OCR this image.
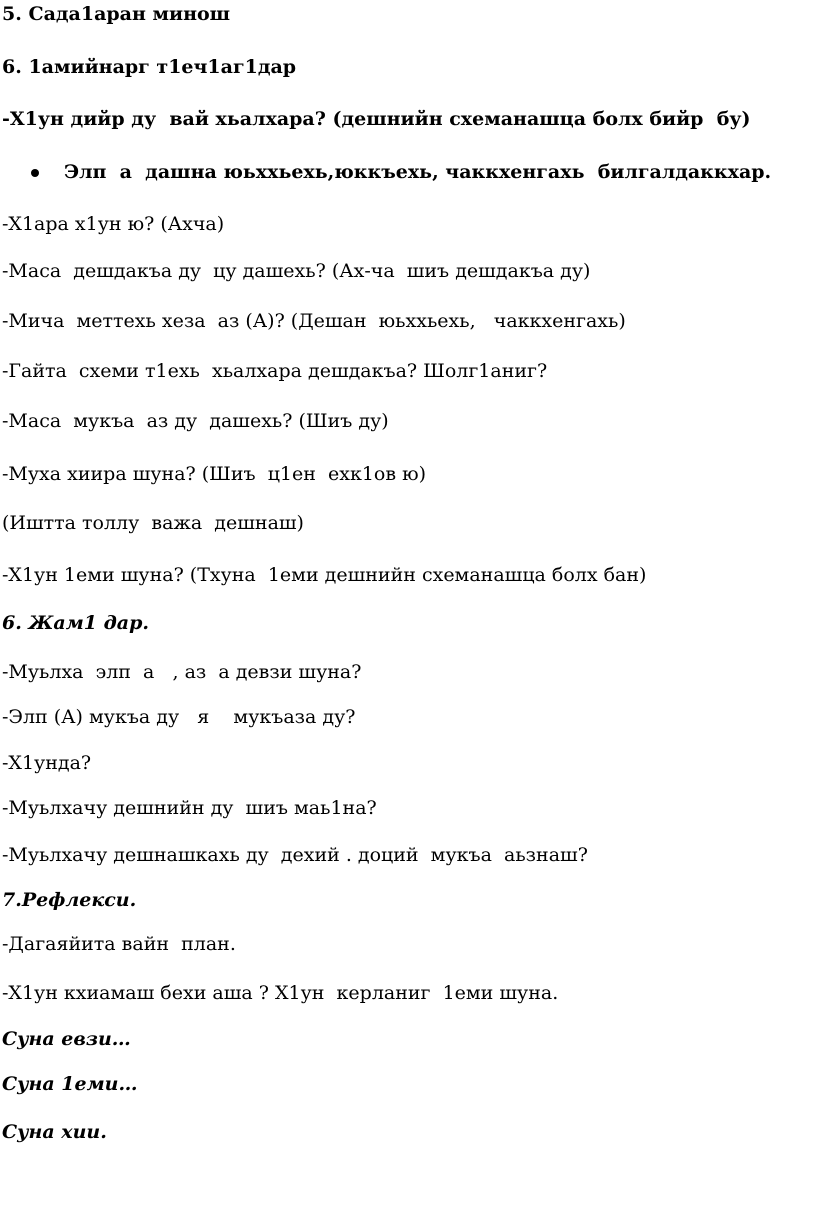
5. Сада1аран минош
6. 1амийнарг т1еч1аг1дар
-Х1ун дийр ду  вай хьалхара? (дешнийн схеманашца болх бийр  бу)
Элп  а  дашна юьххьехь,юккъехь, чаккхенгахь  билгалдаккхар.
-Х1ара х1ун ю? (Ахча)
-Маса  дешдакъа ду  цу дашехь? (Ах-ча  шиъ дешдакъа ду)
-Мича  меттехь хеза  аз (А)? (Дешан  юьххьехь,   чаккхенгахь)
-Гайта  схеми т1ехь  хьалхара дешдакъа? Шолг1аниг?
-Маса  мукъа  аз ду  дашехь? (Шиъ ду)
-Муха хиира шуна? (Шиъ  ц1ен  ехк1ов ю)
(Иштта толлу  важа  дешнаш)
-Х1ун 1еми шуна? (Тхуна  1еми дешнийн схеманашца болх бан)
6. Жам1 дар.
-Муьлха  элп  а   , аз  а девзи шуна?
-Элп (А) мукъа ду   я    мукъаза ду?
-Х1унда?
-Муьлхачу дешнийн ду  шиъ маь1на?
-Муьлхачу дешнашкахь ду  дехий . доций  мукъа  аьзнаш?
7.Рефлекси.
-Дагаяйита вайн  план.
-Х1ун кхиамаш бехи аша ? Х1ун  керланиг  1еми шуна.
Суна евзи…
Суна 1еми…
Суна хии.
